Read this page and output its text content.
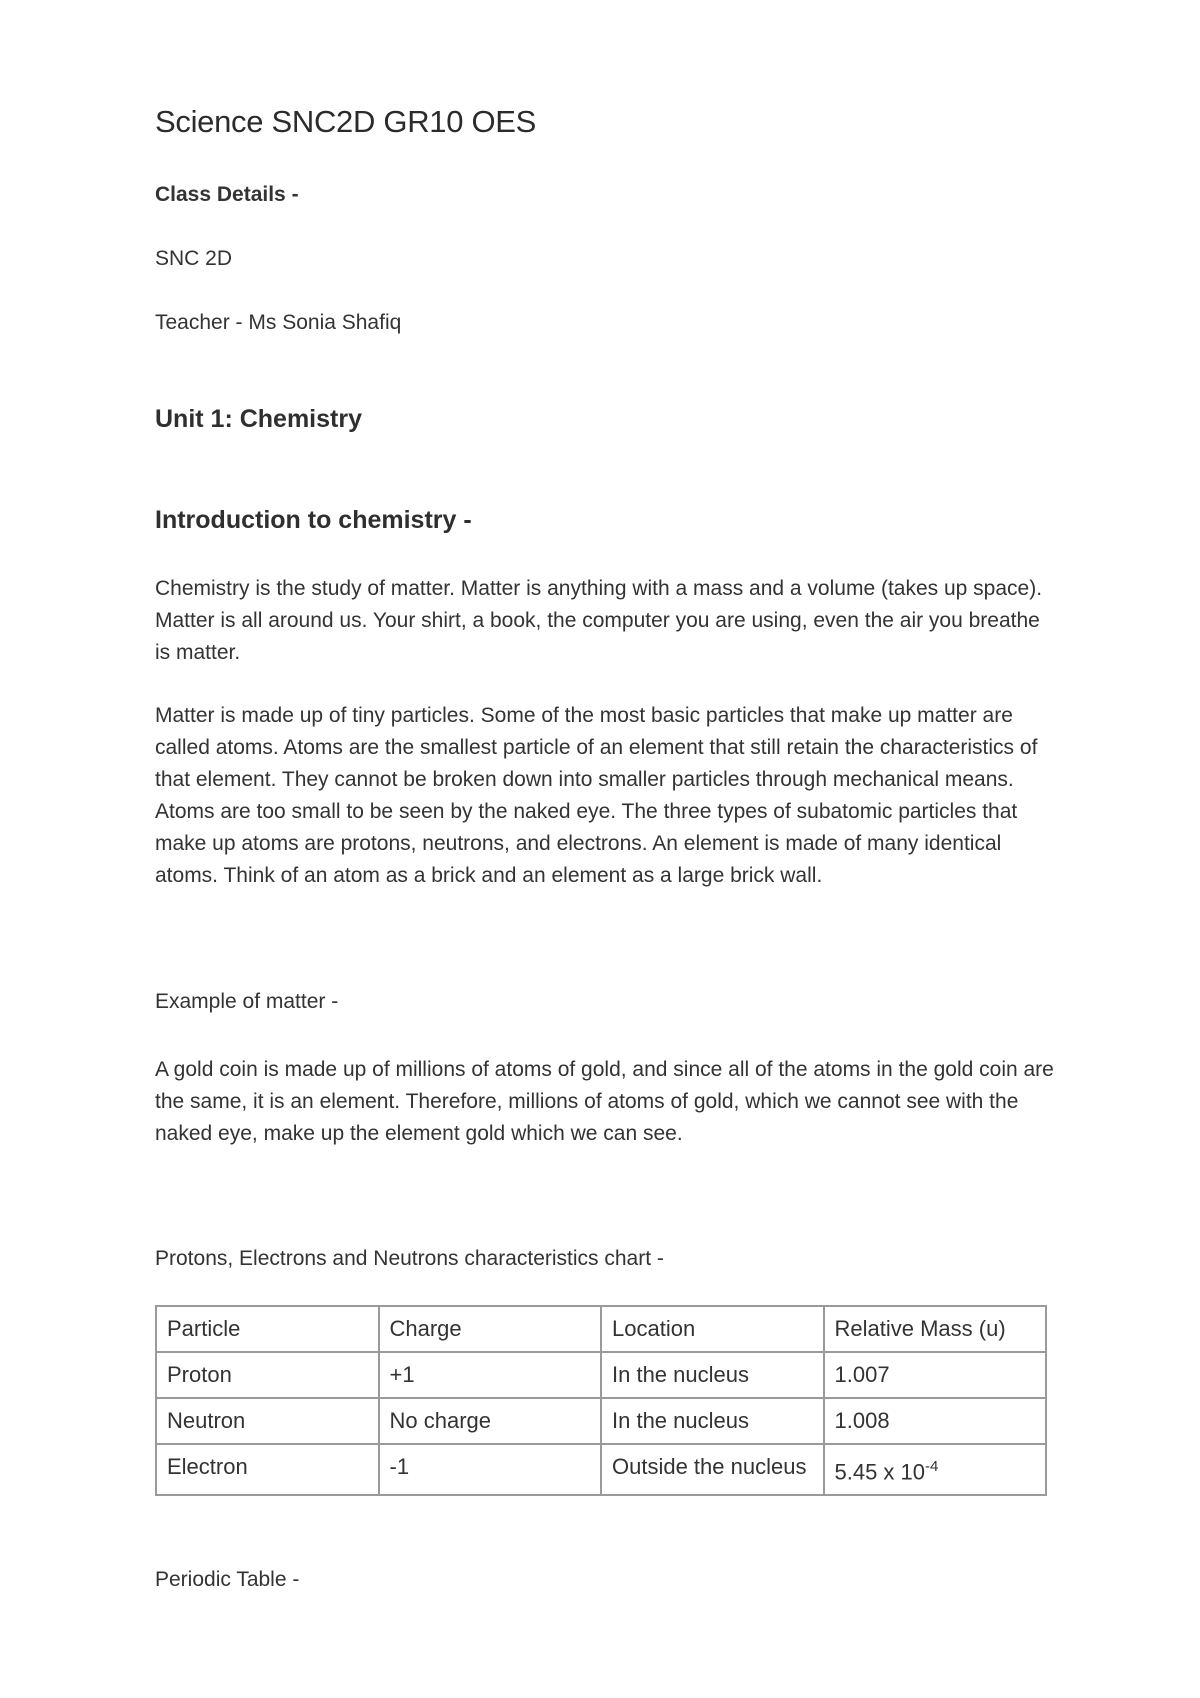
Science SNC2D GR10 OES

Class Details -

SNC 2D

Teacher - Ms Sonia Shafiq

Unit 1: Chemistry
Introduction to chemistry -

Chemistry is the study of matter. Matter is anything with a mass and a volume (takes up space). Matter is all around us. Your shirt, a book, the computer you are using, even the air you breathe is matter.

Matter is made up of tiny particles. Some of the most basic particles that make up matter are called atoms. Atoms are the smallest particle of an element that still retain the characteristics of that element. They cannot be broken down into smaller particles through mechanical means. Atoms are too small to be seen by the naked eye. The three types of subatomic particles that make up atoms are protons, neutrons, and electrons. An element is made of many identical atoms. Think of an atom as a brick and an element as a large brick wall.

Example of matter -

A gold coin is made up of millions of atoms of gold, and since all of the atoms in the gold coin are the same, it is an element. Therefore, millions of atoms of gold, which we cannot see with the naked eye, make up the element gold which we can see.

Protons, Electrons and Neutrons characteristics chart -

Particle	Charge	Location	Relative Mass (u)
Proton	+1	In the nucleus	1.007
Neutron	No charge	In the nucleus	1.008
Electron	-1	Outside the nucleus	5.45 x $10^{-4}$

Periodic Table -
